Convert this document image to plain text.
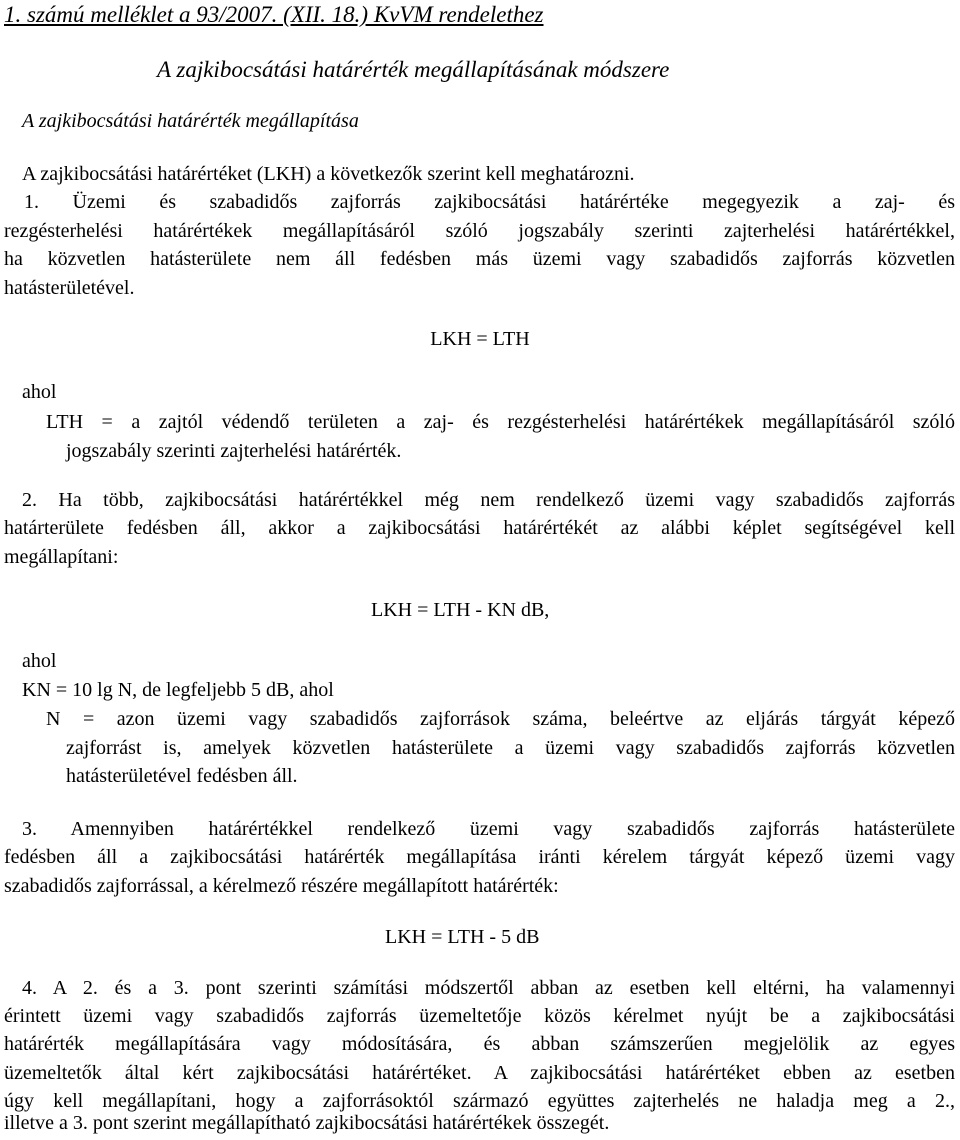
1. számú melléklet a 93/2007. (XII. 18.) KvVM rendelethez
A zajkibocsátási határérték megállapításának módszere
A zajkibocsátási határérték megállapítása
A zajkibocsátási határértéket (LKH) a következők szerint kell meghatározni.
1. Üzemi és szabadidős zajforrás zajkibocsátási határértéke megegyezik a zaj- és
rezgésterhelési határértékek megállapításáról szóló jogszabály szerinti zajterhelési határértékkel,
ha közvetlen hatásterülete nem áll fedésben más üzemi vagy szabadidős zajforrás közvetlen
hatásterületével.
LKH = LTH
ahol
LTH = a zajtól védendő területen a zaj- és rezgésterhelési határértékek megállapításáról szóló
jogszabály szerinti zajterhelési határérték.
2. Ha több, zajkibocsátási határértékkel még nem rendelkező üzemi vagy szabadidős zajforrás
határterülete fedésben áll, akkor a zajkibocsátási határértékét az alábbi képlet segítségével kell
megállapítani:
LKH = LTH - KN dB,
ahol
KN = 10 lg N, de legfeljebb 5 dB, ahol
N = azon üzemi vagy szabadidős zajforrások száma, beleértve az eljárás tárgyát képező
zajforrást is, amelyek közvetlen hatásterülete a üzemi vagy szabadidős zajforrás közvetlen
hatásterületével fedésben áll.
3. Amennyiben határértékkel rendelkező üzemi vagy szabadidős zajforrás hatásterülete
fedésben áll a zajkibocsátási határérték megállapítása iránti kérelem tárgyát képező üzemi vagy
szabadidős zajforrással, a kérelmező részére megállapított határérték:
LKH = LTH - 5 dB
4. A 2. és a 3. pont szerinti számítási módszertől abban az esetben kell eltérni, ha valamennyi
érintett üzemi vagy szabadidős zajforrás üzemeltetője közös kérelmet nyújt be a zajkibocsátási
határérték megállapítására vagy módosítására, és abban számszerűen megjelölik az egyes
üzemeltetők által kért zajkibocsátási határértéket. A zajkibocsátási határértéket ebben az esetben
úgy kell megállapítani, hogy a zajforrásoktól származó együttes zajterhelés ne haladja meg a 2.,
illetve a 3. pont szerint megállapítható zajkibocsátási határértékek összegét.
